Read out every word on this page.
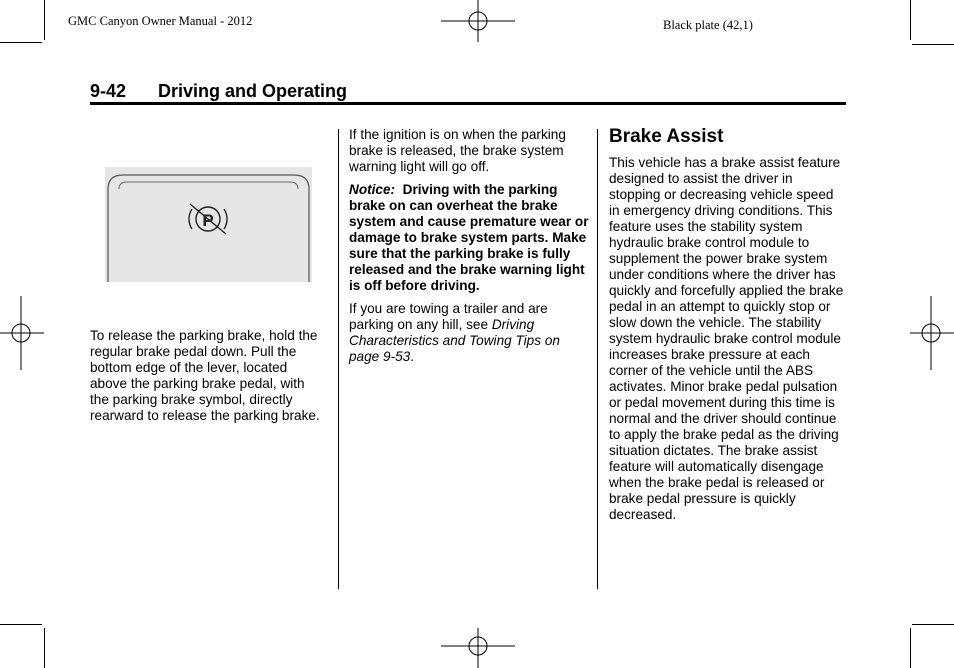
GMC Canyon Owner Manual - 2012	Black plate (42,1)
9-42 Driving and Operating
P

To release the parking brake, hold the regular brake pedal down. Pull the bottom edge of the lever, located above the parking brake pedal, with the parking brake symbol, directly rearward to release the parking brake.

If the ignition is on when the parking brake is released, the brake system warning light will go off.

Notice: Driving with the parking brake on can overheat the brake system and cause premature wear or damage to brake system parts. Make sure that the parking brake is fully released and the brake warning light is off before driving.

If you are towing a trailer and are parking on any hill, see Driving Characteristics and Towing Tips on page 9-53.

Brake Assist

This vehicle has a brake assist feature designed to assist the driver in stopping or decreasing vehicle speed in emergency driving conditions. This feature uses the stability system hydraulic brake control module to supplement the power brake system under conditions where the driver has quickly and forcefully applied the brake pedal in an attempt to quickly stop or slow down the vehicle. The stability system hydraulic brake control module increases brake pressure at each corner of the vehicle until the ABS activates. Minor brake pedal pulsation or pedal movement during this time is normal and the driver should continue to apply the brake pedal as the driving situation dictates. The brake assist feature will automatically disengage when the brake pedal is released or brake pedal pressure is quickly decreased.
